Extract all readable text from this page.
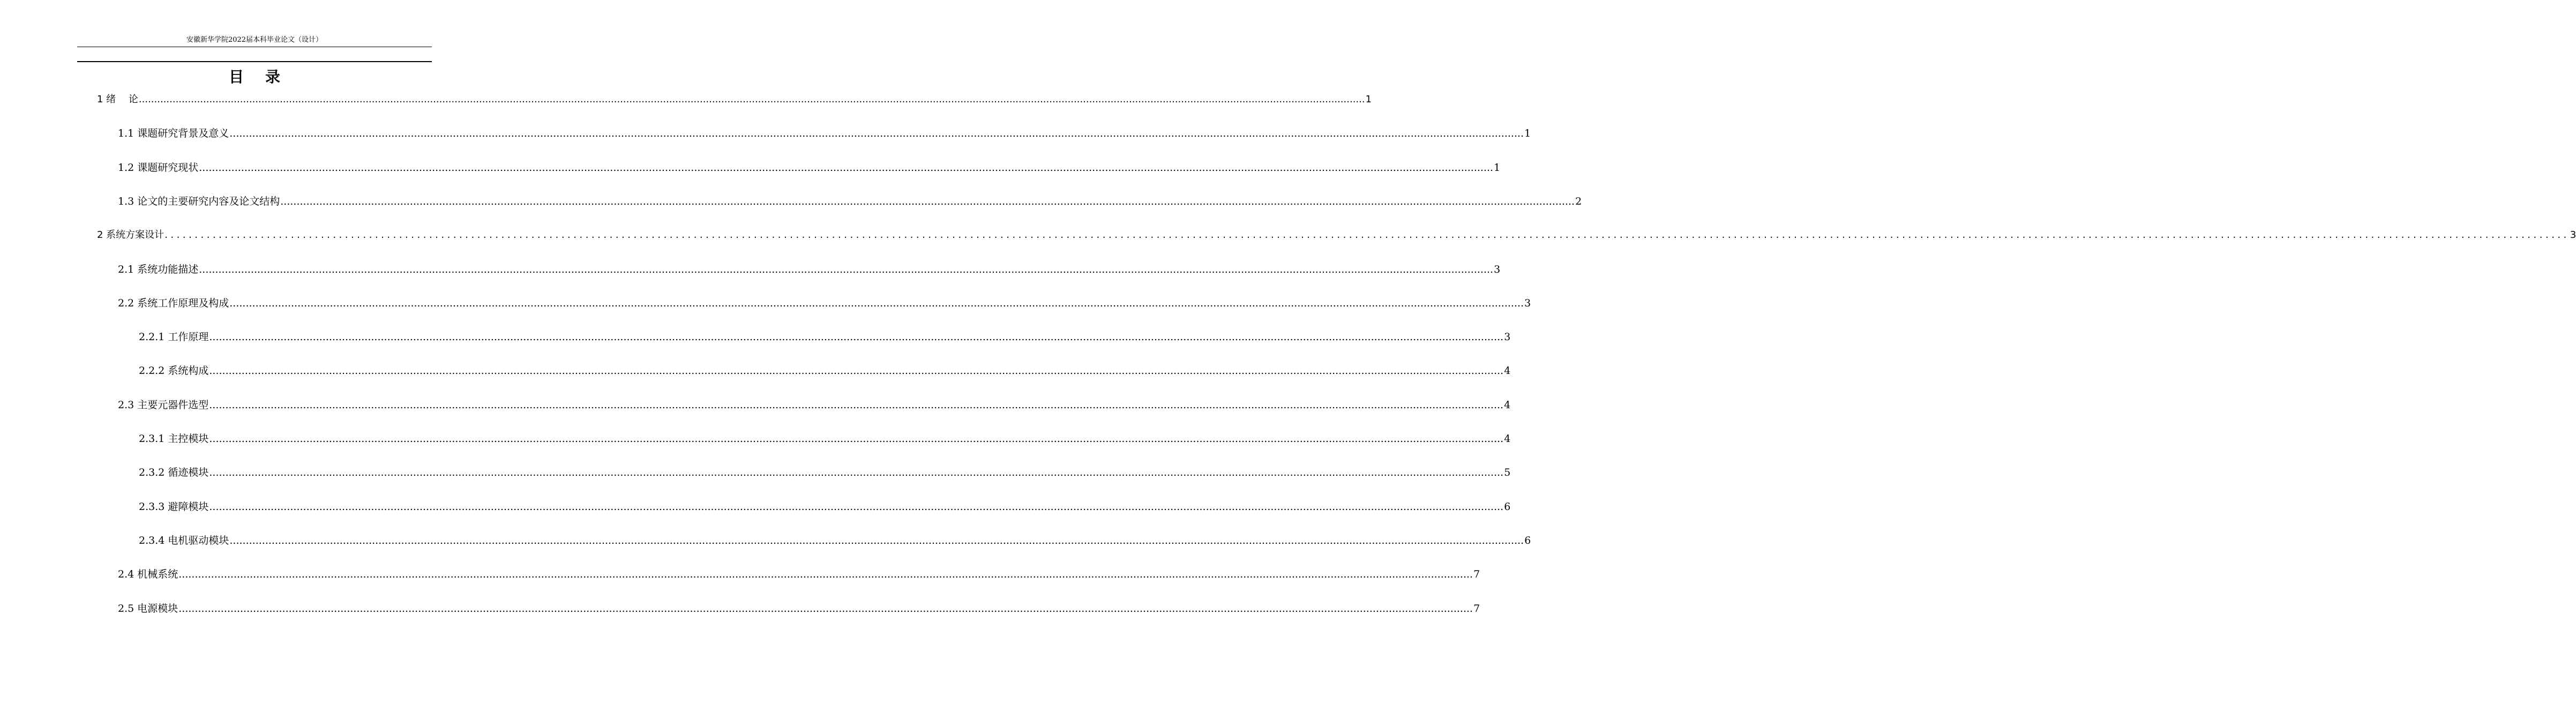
安徽新华学院2022届本科毕业论文（设计）
目录
1 绪　 论 ................................................................................................................................................................................................................................................................................................................................................................................................................ 1
1.1 课题研究背景及意义 ................................................................................................................................................................................................................................................................................................................................................................................................................ 1
1.2 课题研究现状 ................................................................................................................................................................................................................................................................................................................................................................................................................ 1
1.3 论文的主要研究内容及论文结构 ................................................................................................................................................................................................................................................................................................................................................................................................................ 2
2 系统方案设计 ................................................................................................................................................................................................................................................................................................................................................................................................................ 3
2.1 系统功能描述 ................................................................................................................................................................................................................................................................................................................................................................................................................ 3
2.2 系统工作原理及构成 ................................................................................................................................................................................................................................................................................................................................................................................................................ 3
2.2.1 工作原理 ................................................................................................................................................................................................................................................................................................................................................................................................................ 3
2.2.2 系统构成 ................................................................................................................................................................................................................................................................................................................................................................................................................ 4
2.3 主要元器件选型 ................................................................................................................................................................................................................................................................................................................................................................................................................ 4
2.3.1 主控模块 ................................................................................................................................................................................................................................................................................................................................................................................................................ 4
2.3.2 循迹模块 ................................................................................................................................................................................................................................................................................................................................................................................................................ 5
2.3.3 避障模块 ................................................................................................................................................................................................................................................................................................................................................................................................................ 6
2.3.4 电机驱动模块 ................................................................................................................................................................................................................................................................................................................................................................................................................ 6
2.4 机械系统 ................................................................................................................................................................................................................................................................................................................................................................................................................ 7
2.5 电源模块 ................................................................................................................................................................................................................................................................................................................................................................................................................ 7
